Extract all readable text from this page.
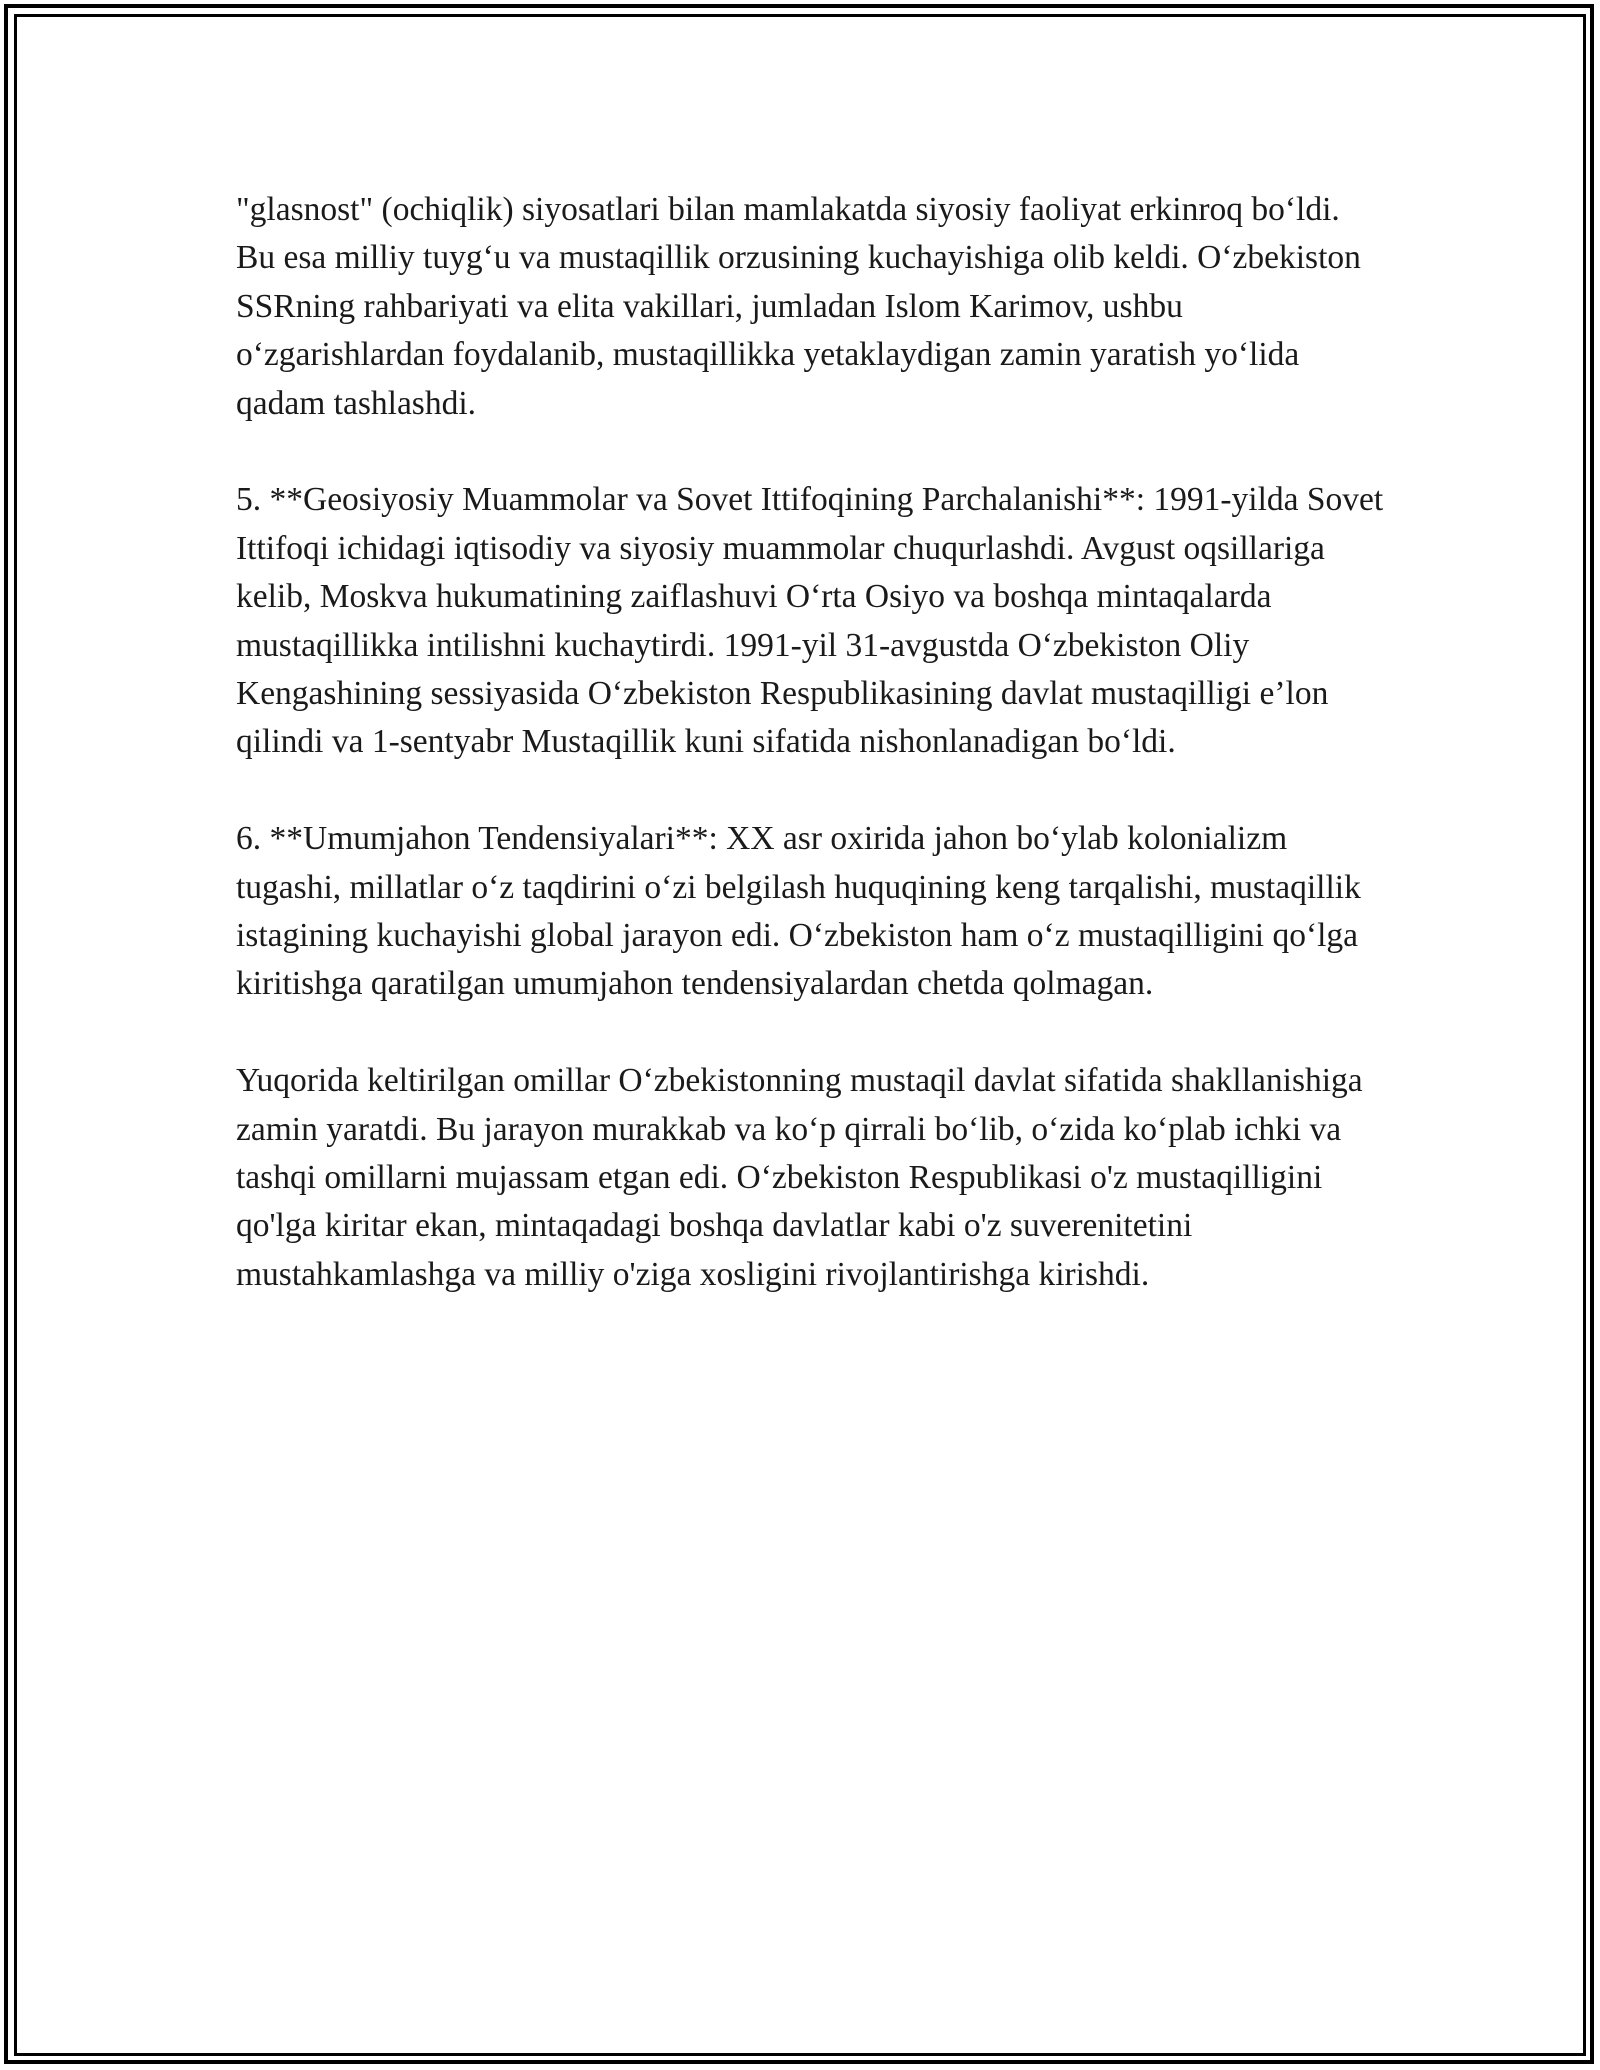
"glasnost" (ochiqlik) siyosatlari bilan mamlakatda siyosiy faoliyat erkinroq bo‘ldi. Bu esa milliy tuyg‘u va mustaqillik orzusining kuchayishiga olib keldi. O‘zbekiston SSRning rahbariyati va elita vakillari, jumladan Islom Karimov, ushbu o‘zgarishlardan foydalanib, mustaqillikka yetaklaydigan zamin yaratish yo‘lida qadam tashlashdi.

5. **Geosiyosiy Muammolar va Sovet Ittifoqining Parchalanishi**: 1991-yilda Sovet Ittifoqi ichidagi iqtisodiy va siyosiy muammolar chuqurlashdi. Avgust oqsillariga kelib, Moskva hukumatining zaiflashuvi O‘rta Osiyo va boshqa mintaqalarda mustaqillikka intilishni kuchaytirdi. 1991-yil 31-avgustda O‘zbekiston Oliy Kengashining sessiyasida O‘zbekiston Respublikasining davlat mustaqilligi e’lon qilindi va 1-sentyabr Mustaqillik kuni sifatida nishonlanadigan bo‘ldi.

6. **Umumjahon Tendensiyalari**: XX asr oxirida jahon bo‘ylab kolonializm tugashi, millatlar o‘z taqdirini o‘zi belgilash huquqining keng tarqalishi, mustaqillik istagining kuchayishi global jarayon edi. O‘zbekiston ham o‘z mustaqilligini qo‘lga kiritishga qaratilgan umumjahon tendensiyalardan chetda qolmagan.

Yuqorida keltirilgan omillar O‘zbekistonning mustaqil davlat sifatida shakllanishiga zamin yaratdi. Bu jarayon murakkab va ko‘p qirrali bo‘lib, o‘zida ko‘plab ichki va tashqi omillarni mujassam etgan edi. O‘zbekiston Respublikasi o'z mustaqilligini qo'lga kiritar ekan, mintaqadagi boshqa davlatlar kabi o'z suverenitetini mustahkamlashga va milliy o'ziga xosligini rivojlantirishga kirishdi.
